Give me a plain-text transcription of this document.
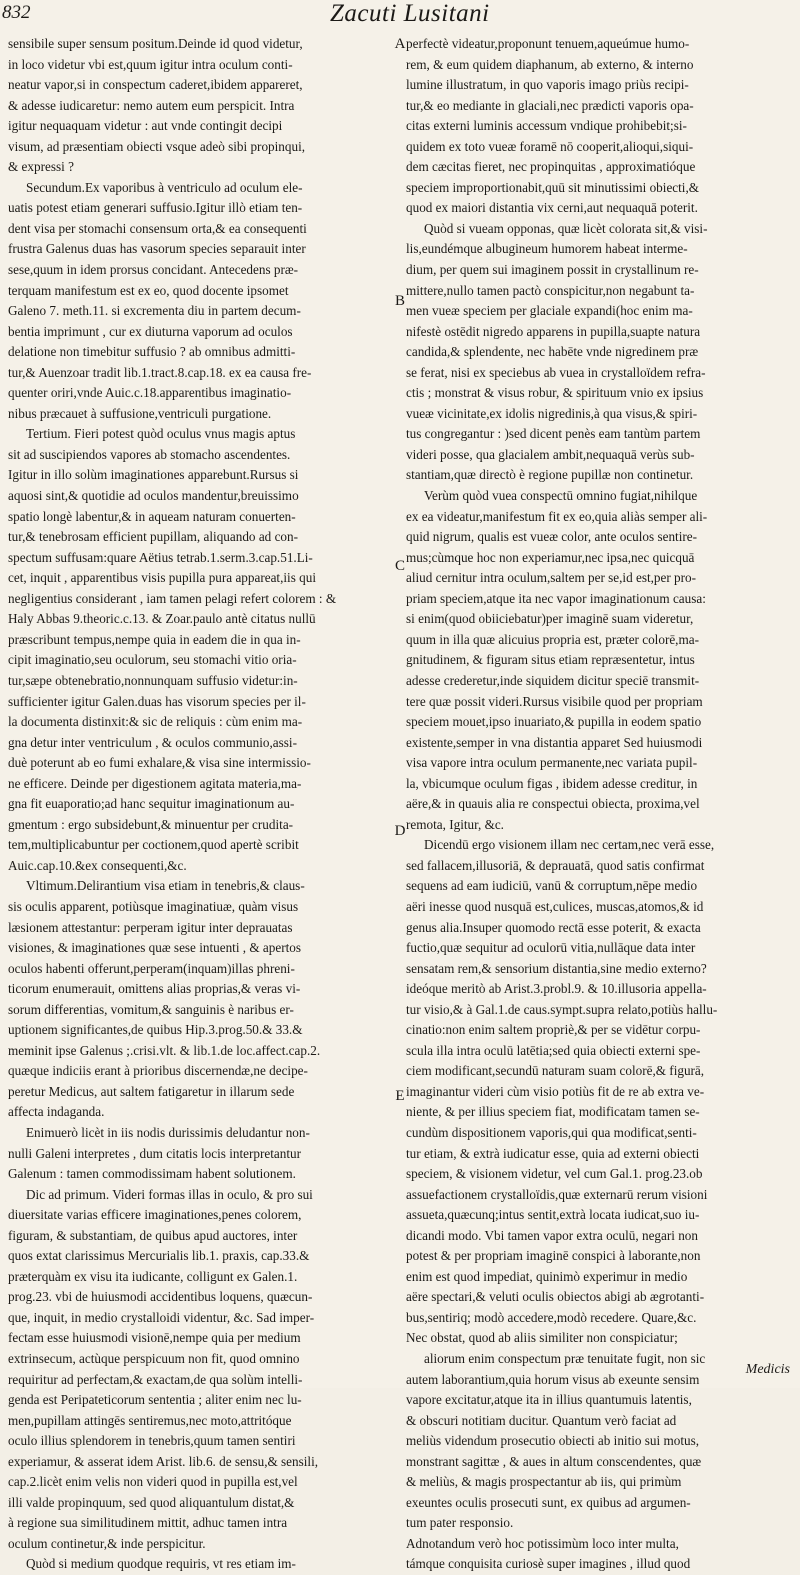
832	Zacuti Lusitani
sensibile super sensum positum.Deinde id quod videtur,
in loco videtur vbi est,quum igitur intra oculum conti-
neatur vapor,si in conspectum caderet,ibidem appareret,
& adesse iudicaretur: nemo autem eum perspicit. Intra
igitur nequaquam videtur : aut vnde contingit decipi
visum, ad præsentiam obiecti vsque adeò sibi propinqui,
& expressi ?
Secundum.Ex vaporibus à ventriculo ad oculum ele-
uatis potest etiam generari suffusio.Igitur illò etiam ten-
dent visa per stomachi consensum orta,& ea consequenti
frustra Galenus duas has vasorum species separauit inter
sese,quum in idem prorsus concidant. Antecedens præ-
terquam manifestum est ex eo, quod docente ipsomet
Galeno 7. meth.11. si excrementa diu in partem decum-
bentia imprimunt , cur ex diuturna vaporum ad oculos
delatione non timebitur suffusio ? ab omnibus admitti-
tur,& Auenzoar tradit lib.1.tract.8.cap.18. ex ea causa fre-
quenter oriri,vnde Auic.c.18.apparentibus imaginatio-
nibus præcauet à suffusione,ventriculi purgatione.
Tertium. Fieri potest quòd oculus vnus magis aptus
sit ad suscipiendos vapores ab stomacho ascendentes.
Igitur in illo solùm imaginationes apparebunt.Rursus si
aquosi sint,& quotidie ad oculos mandentur,breuissimo
spatio longè labentur,& in aqueam naturam conuerten-
tur,& tenebrosam efficient pupillam, aliquando ad con-
spectum suffusam:quare Aëtius tetrab.1.serm.3.cap.51.Li-
cet, inquit , apparentibus visis pupilla pura appareat,iis qui
negligentius considerant , iam tamen pelagi refert colorem : &
Haly Abbas 9.theoric.c.13. & Zoar.paulo antè citatus nullū
præscribunt tempus,nempe quia in eadem die in qua in-
cipit imaginatio,seu oculorum, seu stomachi vitio oria-
tur,sæpe obtenebratio,nonnunquam suffusio videtur:in-
sufficienter igitur Galen.duas has visorum species per il-
la documenta distinxit:& sic de reliquis : cùm enim ma-
gna detur inter ventriculum , & oculos communio,assi-
duè poterunt ab eo fumi exhalare,& visa sine intermissio-
ne efficere. Deinde per digestionem agitata materia,ma-
gna fit euaporatio;ad hanc sequitur imaginationum au-
gmentum : ergo subsidebunt,& minuentur per crudita-
tem,multiplicabuntur per coctionem,quod apertè scribit
Auic.cap.10.&ex consequenti,&c.
Vltimum.Delirantium visa etiam in tenebris,& claus-
sis oculis apparent, potiùsque imaginatiuæ, quàm visus
læsionem attestantur: perperam igitur inter deprauatas
visiones, & imaginationes quæ sese intuenti , & apertos
oculos habenti offerunt,perperam(inquam)illas phreni-
ticorum enumerauit, omittens alias proprias,& veras vi-
sorum differentias, vomitum,& sanguinis è naribus er-
uptionem significantes,de quibus Hip.3.prog.50.& 33.&
meminit ipse Galenus ;.crisi.vlt. & lib.1.de loc.affect.cap.2.
quæque indiciis erant à prioribus discernendæ,ne decipe-
peretur Medicus, aut saltem fatigaretur in illarum sede
affecta indaganda.
Enimuerò licèt in iis nodis durissimis deludantur non-
nulli Galeni interpretes , dum citatis locis interpretantur
Galenum : tamen commodissimam habent solutionem.
Dic ad primum. Videri formas illas in oculo, & pro sui
diuersitate varias efficere imaginationes,penes colorem,
figuram, & substantiam, de quibus apud auctores, inter
quos extat clarissimus Mercurialis lib.1. praxis, cap.33.&
præterquàm ex visu ita iudicante, colligunt ex Galen.1.
prog.23. vbi de huiusmodi accidentibus loquens, quæcun-
que, inquit, in medio crystalloidi videntur, &c. Sad imper-
fectam esse huiusmodi visionē,nempe quia per medium
extrinsecum, actùque perspicuum non fit, quod omnino
requiritur ad perfectam,& exactam,de qua solùm intelli-
genda est Peripateticorum sententia ; aliter enim nec lu-
men,pupillam attingēs sentiremus,nec moto,attritóque
oculo illius splendorem in tenebris,quum tamen sentiri
experiamur, & asserat idem Arist. lib.6. de sensu,& sensili,
cap.2.licèt enim velis non videri quod in pupilla est,vel
illi valde propinquum, sed quod aliquantulum distat,&
à regione sua similitudinem mittit, adhuc tamen intra
oculum continetur,& inde perspicitur.
Quòd si medium quodque requiris, vt res etiam im-
perfectè videatur,proponunt tenuem,aqueúmue humo-
rem, & eum quidem diaphanum, ab externo, & interno
lumine illustratum, in quo vaporis imago priùs recipi-
tur,& eo mediante in glaciali,nec prædicti vaporis opa-
citas externi luminis accessum vndique prohibebit;si-
quidem ex toto vueæ foramē nō cooperit,alioqui,siqui-
dem cæcitas fieret, nec propinquitas , approximatióque
speciem improportionabit,quū sit minutissimi obiecti,&
quod ex maiori distantia vix cerni,aut nequaquā poterit.
Quòd si vueam opponas, quæ licèt colorata sit,& visi-
lis,eundémque albugineum humorem habeat interme-
dium, per quem sui imaginem possit in crystallinum re-
mittere,nullo tamen pactò conspicitur,non negabunt ta-
men vueæ speciem per glaciale expandi(hoc enim ma-
nifestè ostēdit nigredo apparens in pupilla,suapte natura
candida,& splendente, nec habēte vnde nigredinem præ
se ferat, nisi ex speciebus ab vuea in crystalloïdem refra-
ctis ; monstrat & visus robur, & spirituum vnio ex ipsius
vueæ vicinitate,ex idolis nigredinis,à qua visus,& spiri-
tus congregantur : )sed dicent penès eam tantùm partem
videri posse, qua glacialem ambit,nequaquā verùs sub-
stantiam,quæ directò è regione pupillæ non continetur.
Verùm quòd vuea conspectū omnino fugiat,nihilque
ex ea videatur,manifestum fit ex eo,quia aliàs semper ali-
quid nigrum, qualis est vueæ color, ante oculos sentire-
mus;cùmque hoc non experiamur,nec ipsa,nec quicquā
aliud cernitur intra oculum,saltem per se,id est,per pro-
priam speciem,atque ita nec vapor imaginationum causa:
si enim(quod obiiciebatur)per imaginē suam videretur,
quum in illa quæ alicuius propria est, præter colorē,ma-
gnitudinem, & figuram situs etiam repræsentetur, intus
adesse crederetur,inde siquidem dicitur speciē transmit-
tere quæ possit videri.Rursus visibile quod per propriam
speciem mouet,ipso inuariato,& pupilla in eodem spatio
existente,semper in vna distantia apparet Sed huiusmodi
visa vapore intra oculum permanente,nec variata pupil-
la, vbicumque oculum figas , ibidem adesse creditur, in
aëre,& in quauis alia re conspectui obiecta, proxima,vel
remota, Igitur, &c.
Dicendū ergo visionem illam nec certam,nec verā esse,
sed fallacem,illusoriā, & deprauatā, quod satis confirmat
sequens ad eam iudiciū, vanū & corruptum,nēpe medio
aëri inesse quod nusquā est,culices, muscas,atomos,& id
genus alia.Insuper quomodo rectā esse poterit, & exacta
fuctio,quæ sequitur ad oculorū vitia,nullāque data inter
sensatam rem,& sensorium distantia,sine medio externo?
ideóque meritò ab Arist.3.probl.9. & 10.illusoria appella-
tur visio,& à Gal.1.de caus.sympt.supra relato,potiùs hallu-
cinatio:non enim saltem propriè,& per se vidētur corpu-
scula illa intra oculū latētia;sed quia obiecti externi spe-
ciem modificant,secundū naturam suam colorē,& figurā,
imaginantur videri cùm visio potiùs fit de re ab extra ve-
niente, & per illius speciem fiat, modificatam tamen se-
cundùm dispositionem vaporis,qui qua modificat,senti-
tur etiam, & extrà iudicatur esse, quia ad externi obiecti
speciem, & visionem videtur, vel cum Gal.1. prog.23.ob
assuefactionem crystalloïdis,quæ externarū rerum visioni
assueta,quæcunq;intus sentit,extrà locata iudicat,suo iu-
dicandi modo. Vbi tamen vapor extra oculū, negari non
potest & per propriam imaginē conspici à laborante,non
enim est quod impediat, quinimò experimur in medio
aëre spectari,& veluti oculis obiectos abigi ab ægrotanti-
bus,sentiriq; modò accedere,modò recedere. Quare,&c.
Nec obstat, quod ab aliis similiter non conspiciatur;
aliorum enim conspectum præ tenuitate fugit, non sic
autem laborantium,quia horum visus ab exeunte sensim
vapore excitatur,atque ita in illius quantumuis latentis,
& obscuri notitiam ducitur. Quantum verò faciat ad
meliùs videndum prosecutio obiecti ab initio sui motus,
monstrant sagittæ , & aues in altum conscendentes, quæ
& meliùs, & magis prospectantur ab iis, qui primùm
exeuntes oculis prosecuti sunt, ex quibus ad argumen-
tum pater responsio.
Adnotandum verò hoc potissimùm loco inter multa,
támque conquisita curiosè super imagines , illud quod
A
B
C
D
E
Medicis
